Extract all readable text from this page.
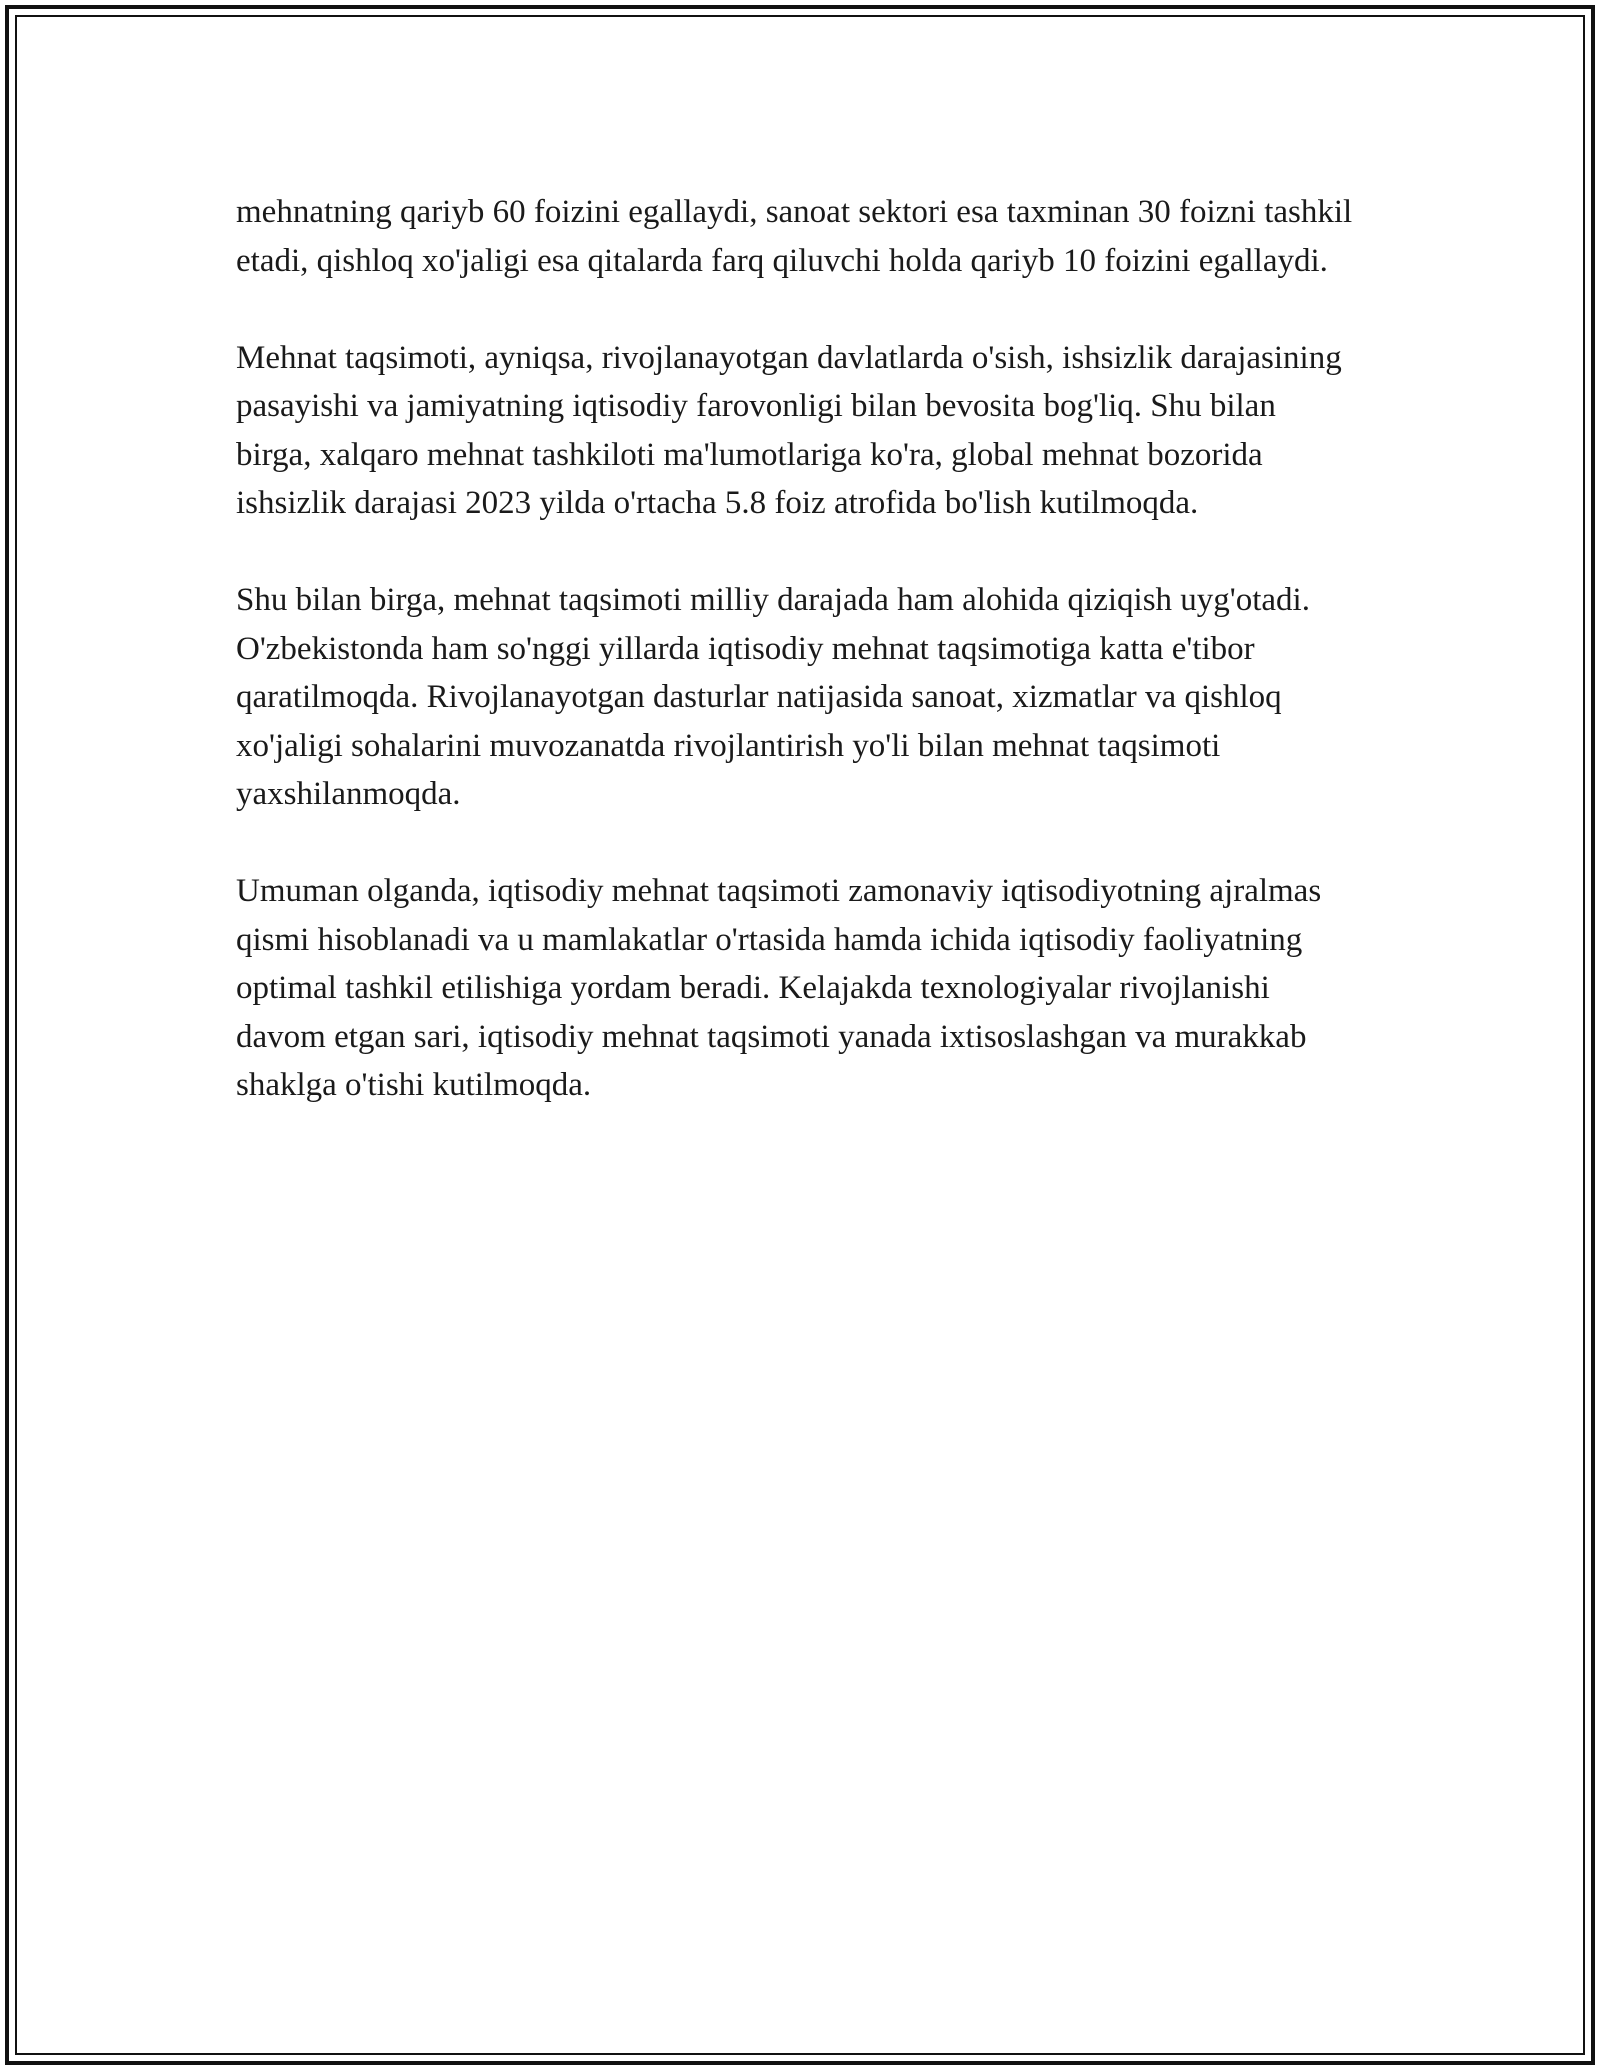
mehnatning qariyb 60 foizini egallaydi, sanoat sektori esa taxminan 30 foizni tashkil etadi, qishloq xo'jaligi esa qitalarda farq qiluvchi holda qariyb 10 foizini egallaydi.

Mehnat taqsimoti, ayniqsa, rivojlanayotgan davlatlarda o'sish, ishsizlik darajasining pasayishi va jamiyatning iqtisodiy farovonligi bilan bevosita bog'liq. Shu bilan birga, xalqaro mehnat tashkiloti ma'lumotlariga ko'ra, global mehnat bozorida ishsizlik darajasi 2023 yilda o'rtacha 5.8 foiz atrofida bo'lish kutilmoqda.

Shu bilan birga, mehnat taqsimoti milliy darajada ham alohida qiziqish uyg'otadi. O'zbekistonda ham so'nggi yillarda iqtisodiy mehnat taqsimotiga katta e'tibor qaratilmoqda. Rivojlanayotgan dasturlar natijasida sanoat, xizmatlar va qishloq xo'jaligi sohalarini muvozanatda rivojlantirish yo'li bilan mehnat taqsimoti yaxshilanmoqda.

Umuman olganda, iqtisodiy mehnat taqsimoti zamonaviy iqtisodiyotning ajralmas qismi hisoblanadi va u mamlakatlar o'rtasida hamda ichida iqtisodiy faoliyatning optimal tashkil etilishiga yordam beradi. Kelajakda texnologiyalar rivojlanishi davom etgan sari, iqtisodiy mehnat taqsimoti yanada ixtisoslashgan va murakkab shaklga o'tishi kutilmoqda.
